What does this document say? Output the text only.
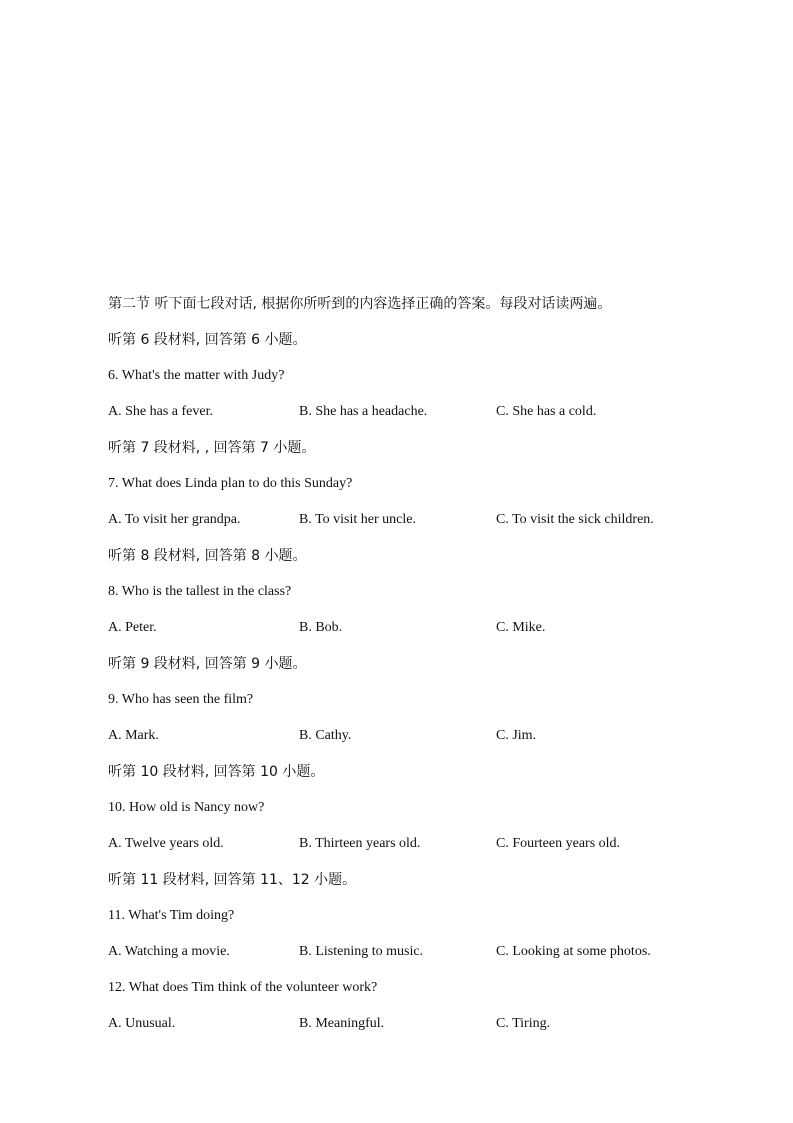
第二节 听下面七段对话, 根据你所听到的内容选择正确的答案。每段对话读两遍。
听第 6 段材料, 回答第 6 小题。
6. What's the matter with Judy?
A. She has a fever.	B. She has a headache.	C. She has a cold.
听第 7 段材料, , 回答第 7 小题。
7. What does Linda plan to do this Sunday?
A. To visit her grandpa.	B. To visit her uncle.	C. To visit the sick children.
听第 8 段材料, 回答第 8 小题。
8. Who is the tallest in the class?
A. Peter.	B. Bob.	C. Mike.
听第 9 段材料, 回答第 9 小题。
9. Who has seen the film?
A. Mark.	B. Cathy.	C. Jim.
听第 10 段材料, 回答第 10 小题。
10. How old is Nancy now?
A. Twelve years old.	B. Thirteen years old.	C. Fourteen years old.
听第 11 段材料, 回答第 11、12 小题。
11. What's Tim doing?
A. Watching a movie.	B. Listening to music.	C. Looking at some photos.
12. What does Tim think of the volunteer work?
A. Unusual.	B. Meaningful.	C. Tiring.
